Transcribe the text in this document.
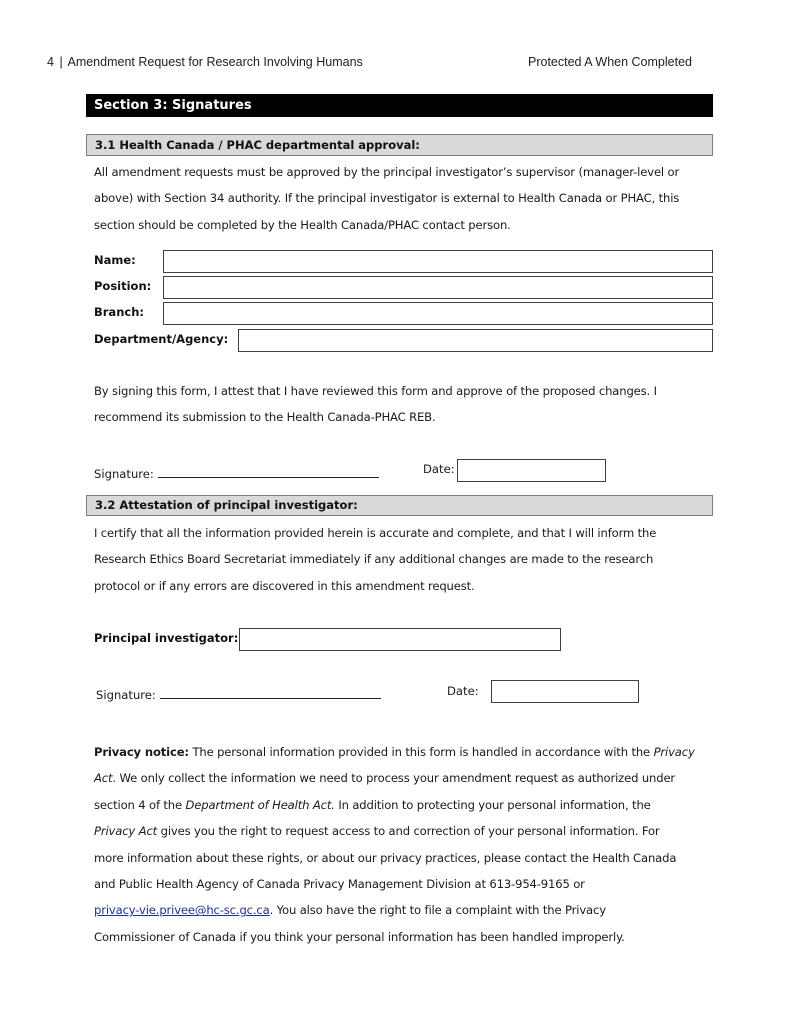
4 | Amendment Request for Research Involving Humans	Protected A When Completed
Section 3: Signatures
3.1 Health Canada / PHAC departmental approval:
All amendment requests must be approved by the principal investigator’s supervisor (manager-level or
above) with Section 34 authority. If the principal investigator is external to Health Canada or PHAC, this
section should be completed by the Health Canada/PHAC contact person.
Name:
Position:
Branch:
Department/Agency:
By signing this form, I attest that I have reviewed this form and approve of the proposed changes. I
recommend its submission to the Health Canada-PHAC REB.
Signature:	Date:
3.2 Attestation of principal investigator:
I certify that all the information provided herein is accurate and complete, and that I will inform the
Research Ethics Board Secretariat immediately if any additional changes are made to the research
protocol or if any errors are discovered in this amendment request.
Principal investigator:
Signature:	Date:
Privacy notice: The personal information provided in this form is handled in accordance with the Privacy
Act. We only collect the information we need to process your amendment request as authorized under
section 4 of the Department of Health Act. In addition to protecting your personal information, the
Privacy Act gives you the right to request access to and correction of your personal information. For
more information about these rights, or about our privacy practices, please contact the Health Canada
and Public Health Agency of Canada Privacy Management Division at 613-954-9165 or
privacy-vie.privee@hc-sc.gc.ca. You also have the right to file a complaint with the Privacy
Commissioner of Canada if you think your personal information has been handled improperly.
